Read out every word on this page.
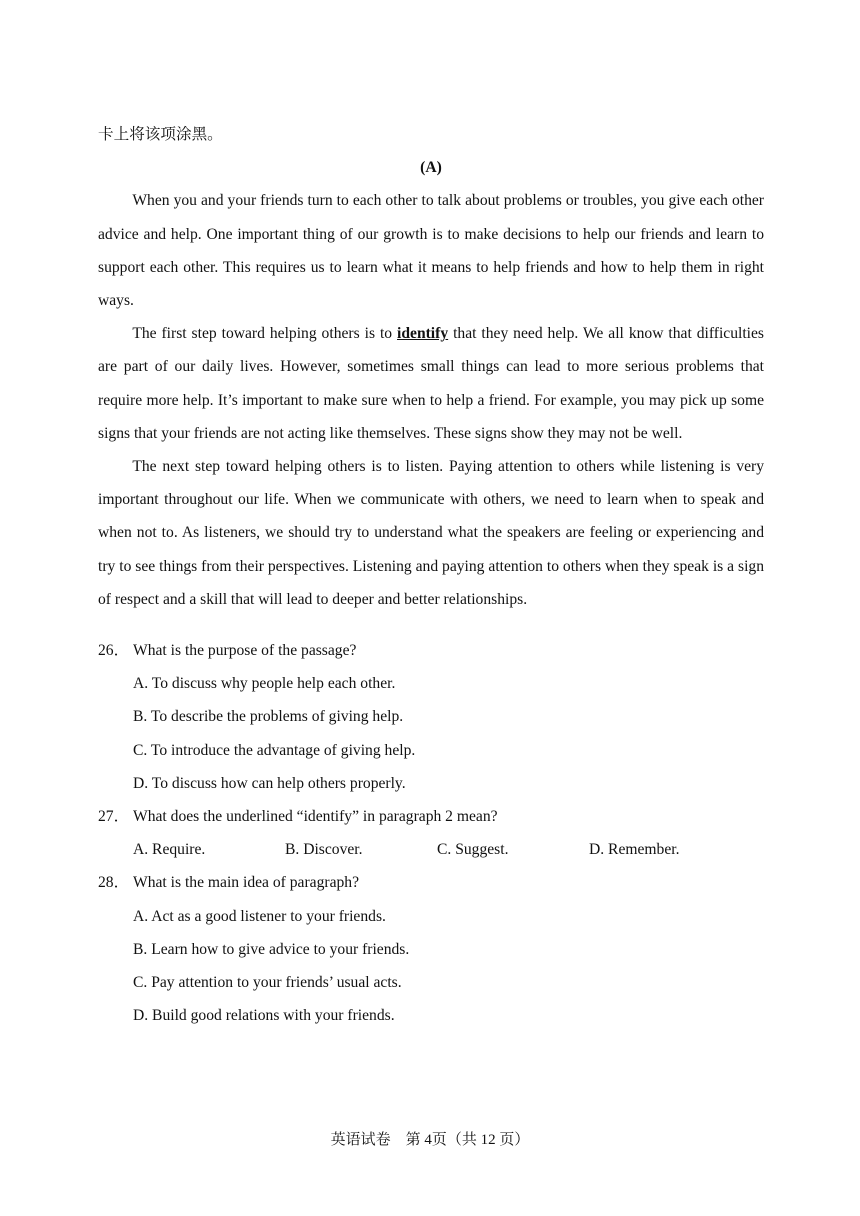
卡上将该项涂黑。

(A)

When you and your friends turn to each other to talk about problems or troubles, you give each other advice and help. One important thing of our growth is to make decisions to help our friends and learn to support each other. This requires us to learn what it means to help friends and how to help them in right ways.

The first step toward helping others is to identify that they need help. We all know that difficulties are part of our daily lives. However, sometimes small things can lead to more serious problems that require more help. It’s important to make sure when to help a friend. For example, you may pick up some signs that your friends are not acting like themselves. These signs show they may not be well.

The next step toward helping others is to listen. Paying attention to others while listening is very important throughout our life. When we communicate with others, we need to learn when to speak and when not to. As listeners, we should try to understand what the speakers are feeling or experiencing and try to see things from their perspectives. Listening and paying attention to others when they speak is a sign of respect and a skill that will lead to deeper and better relationships.

26． What is the purpose of the passage?

A. To discuss why people help each other.

B. To describe the problems of giving help.

C. To introduce the advantage of giving help.

D. To discuss how can help others properly.

27． What does the underlined “identify” in paragraph 2 mean?

A. Require.	B. Discover.	C. Suggest.	D. Remember.

28． What is the main idea of paragraph?

A. Act as a good listener to your friends.

B. Learn how to give advice to your friends.

C. Pay attention to your friends’ usual acts.

D. Build good relations with your friends.

英语试卷　第 4页（共 12 页）
